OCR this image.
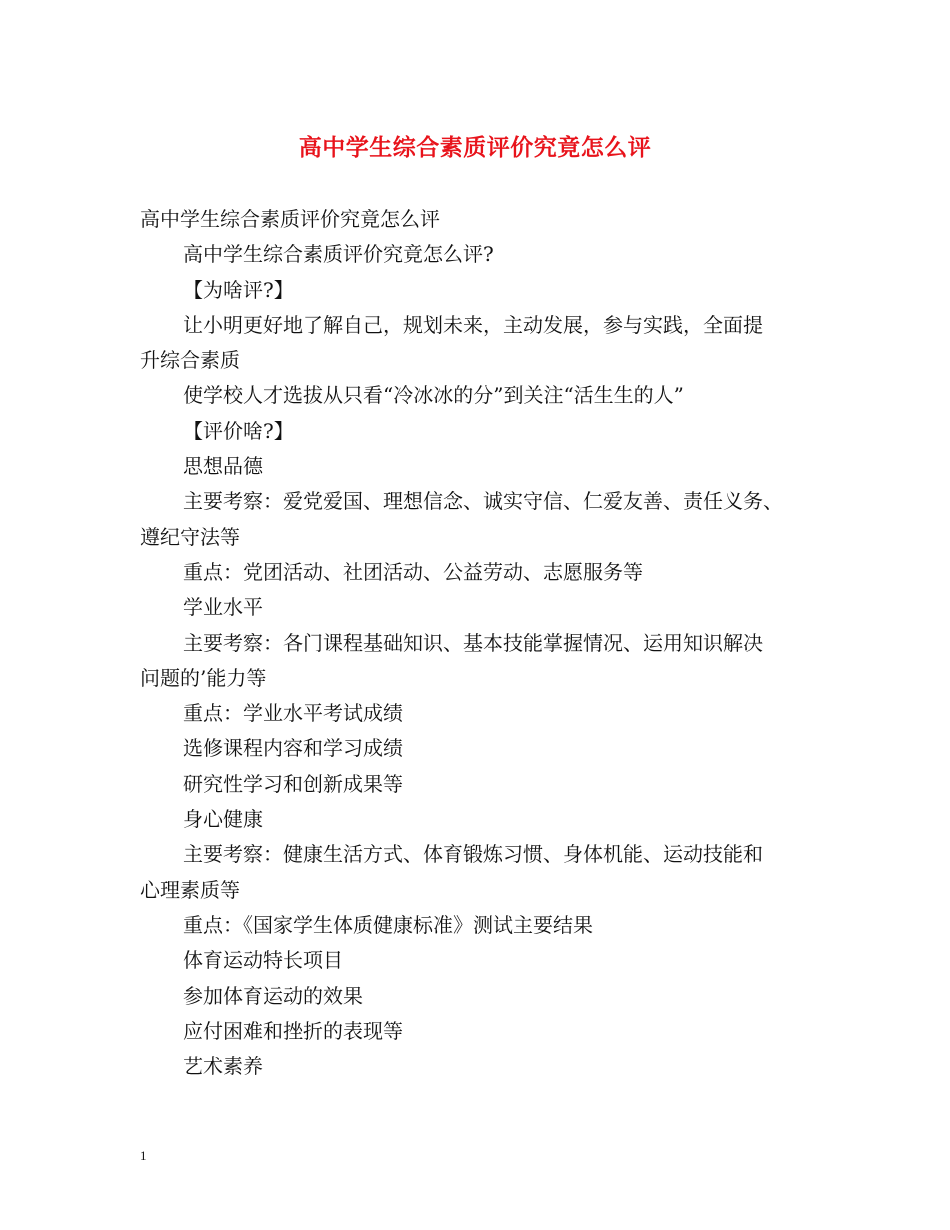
高中学生综合素质评价究竟怎么评
高中学生综合素质评价究竟怎么评
高中学生综合素质评价究竟怎么评?
【为啥评?】
让小明更好地了解自己，规划未来，主动发展，参与实践，全面提
升综合素质
使学校人才选拔从只看“冷冰冰的分”到关注“活生生的人”
【评价啥?】
思想品德
主要考察：爱党爱国、理想信念、诚实守信、仁爱友善、责任义务、
遵纪守法等
重点：党团活动、社团活动、公益劳动、志愿服务等
学业水平
主要考察：各门课程基础知识、基本技能掌握情况、运用知识解决
问题的’能力等
重点：学业水平考试成绩
选修课程内容和学习成绩
研究性学习和创新成果等
身心健康
主要考察：健康生活方式、体育锻炼习惯、身体机能、运动技能和
心理素质等
重点：《国家学生体质健康标准》测试主要结果
体育运动特长项目
参加体育运动的效果
应付困难和挫折的表现等
艺术素养
1
